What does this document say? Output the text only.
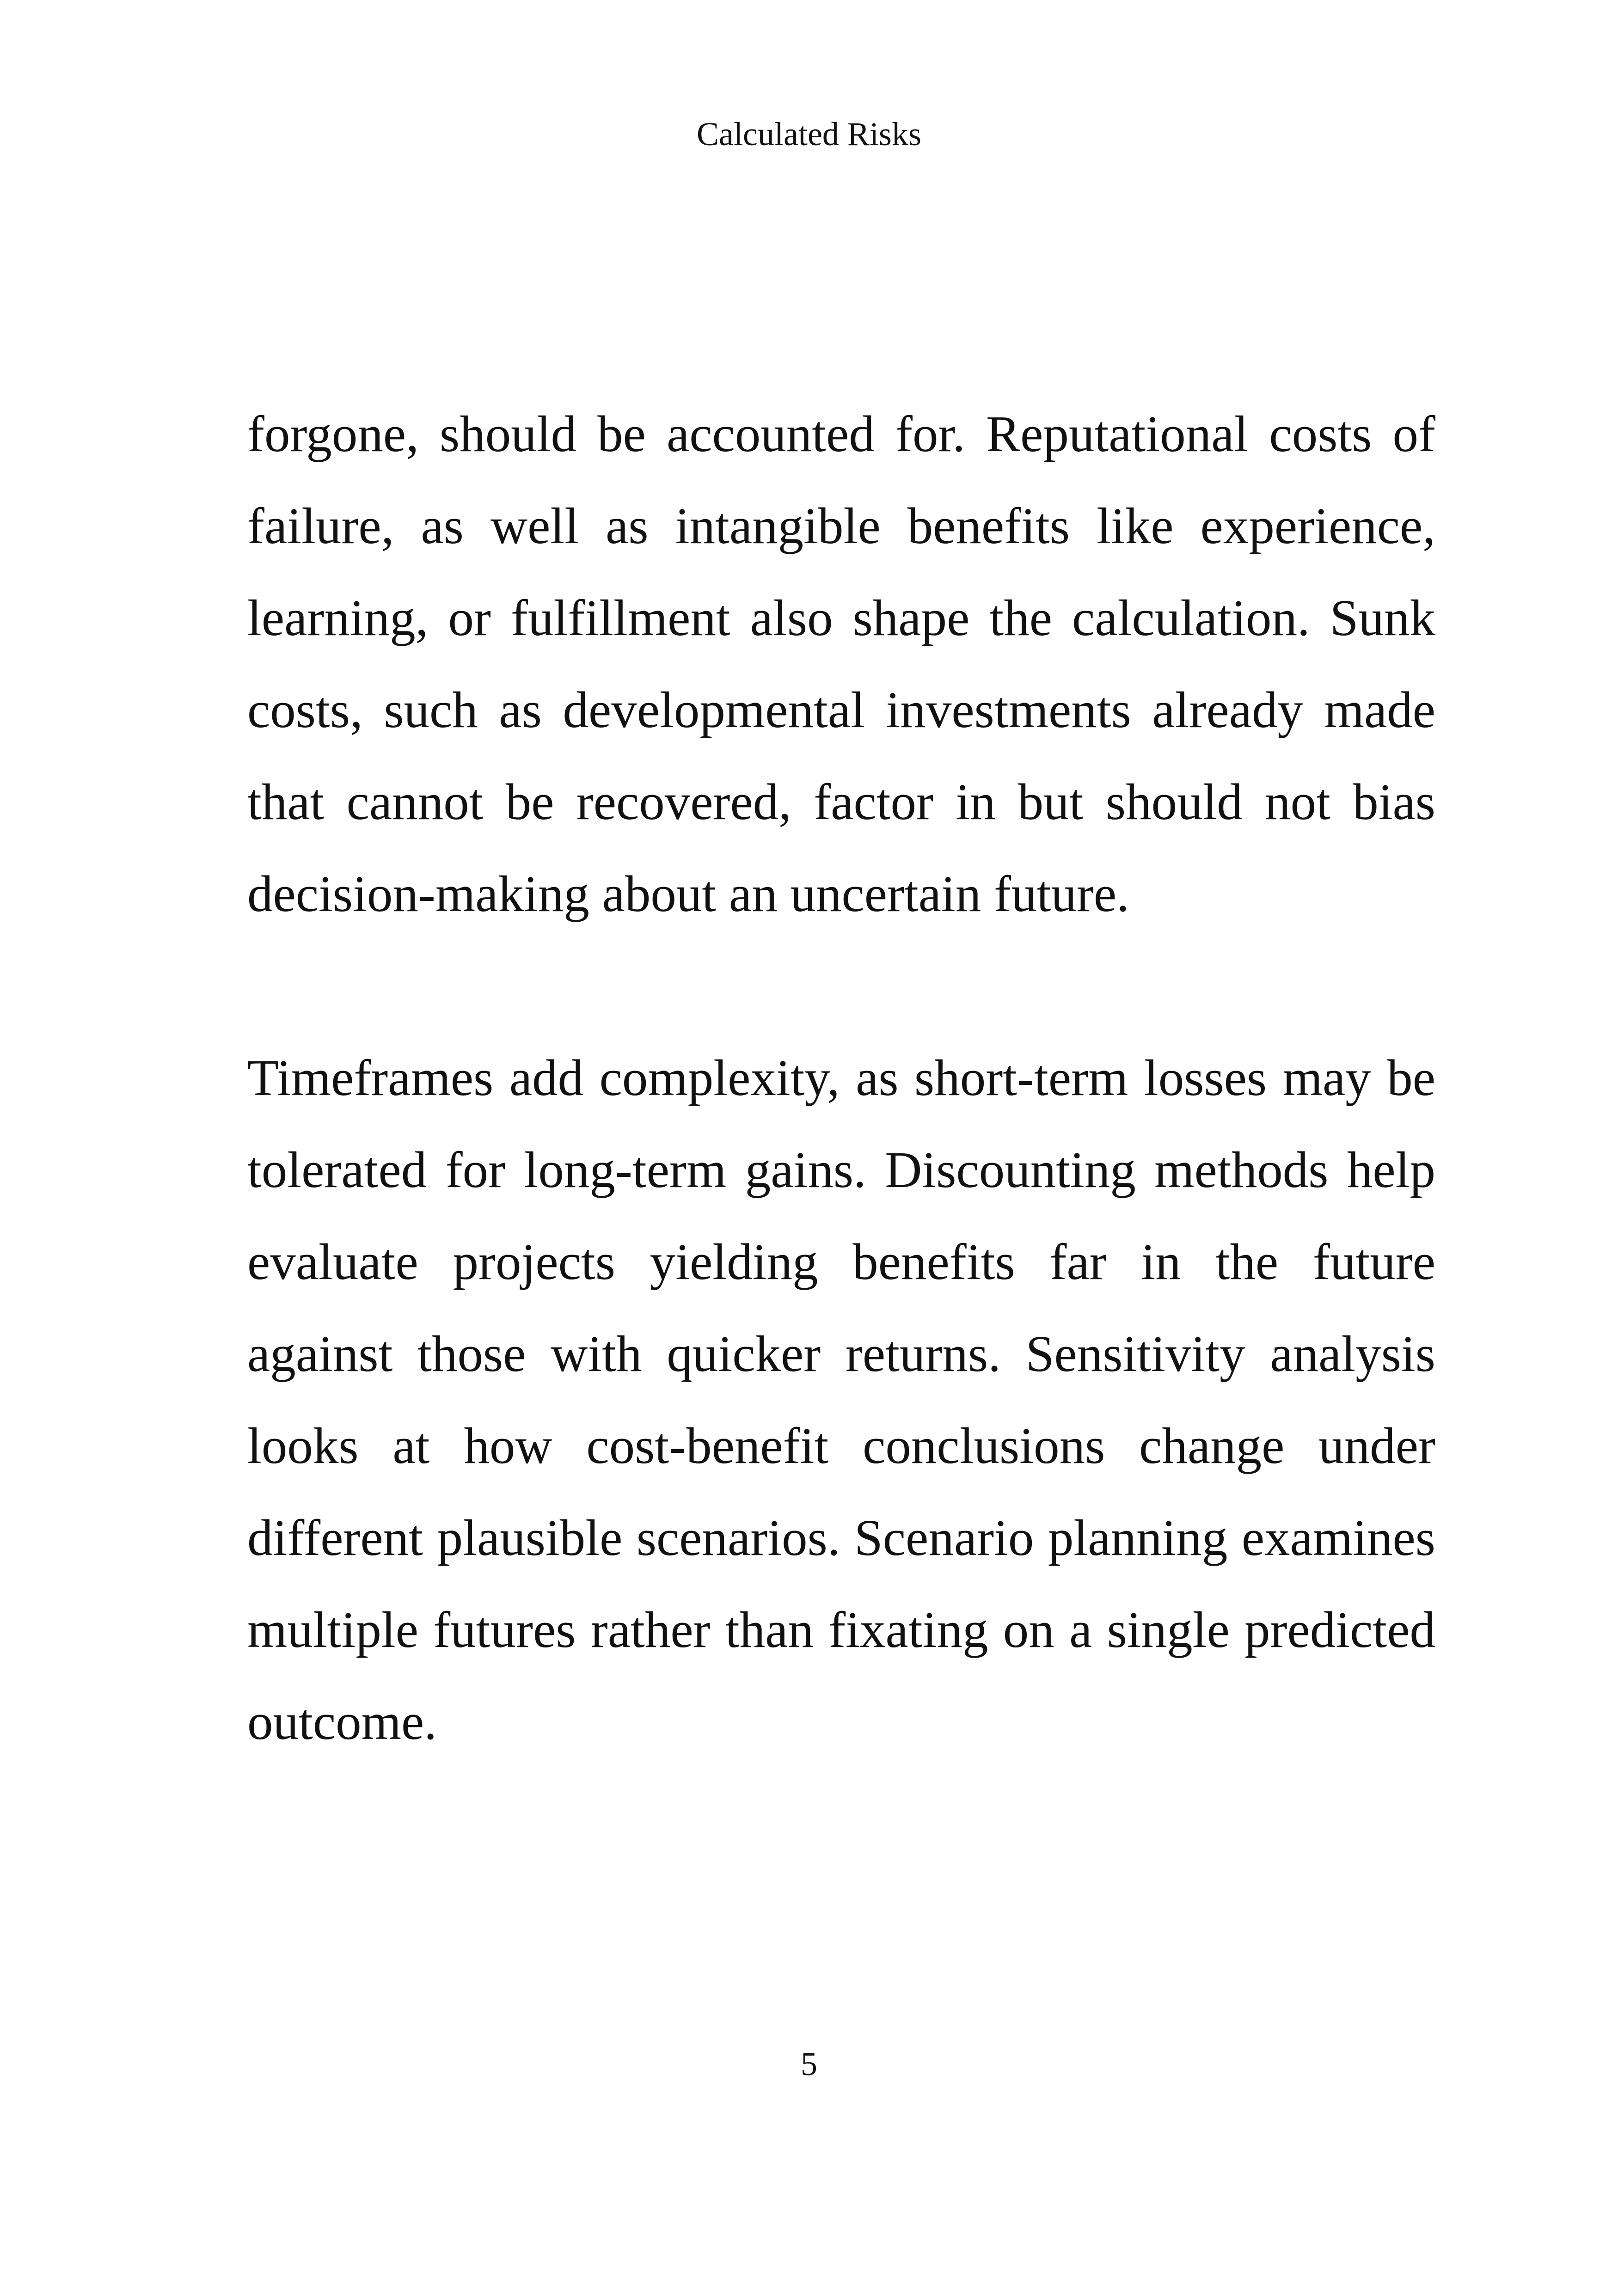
Calculated Risks

forgone, should be accounted for. Reputational costs of failure, as well as intangible benefits like experience, learning, or fulfillment also shape the calculation. Sunk costs, such as developmental investments already made that cannot be recovered, factor in but should not bias decision-making about an uncertain future.

Timeframes add complexity, as short-term losses may be tolerated for long-term gains. Discounting methods help evaluate projects yielding benefits far in the future against those with quicker returns. Sensitivity analysis looks at how cost-benefit conclusions change under different plausible scenarios. Scenario planning examines multiple futures rather than fixating on a single predicted outcome.

5
